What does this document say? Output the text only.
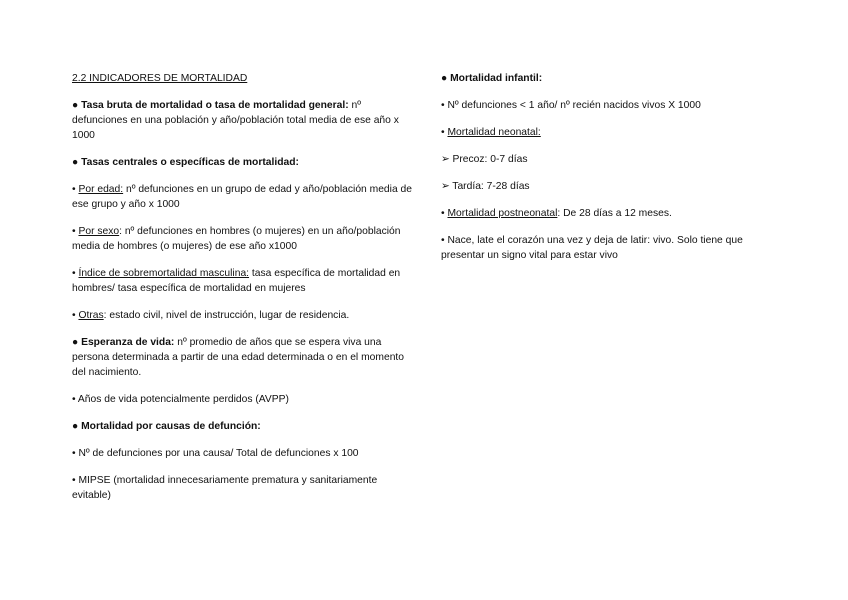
2.2 INDICADORES DE MORTALIDAD

● Tasa bruta de mortalidad o tasa de mortalidad general: nº defunciones en una población y año/población total media de ese año x 1000

● Tasas centrales o específicas de mortalidad:

• Por edad: nº defunciones en un grupo de edad y año/población media de ese grupo y año x 1000

• Por sexo: nº defunciones en hombres (o mujeres) en un año/población media de hombres (o mujeres) de ese año x1000

• Índice de sobremortalidad masculina: tasa específica de mortalidad en hombres/ tasa específica de mortalidad en mujeres

• Otras: estado civil, nivel de instrucción, lugar de residencia.

● Esperanza de vida: nº promedio de años que se espera viva una persona determinada a partir de una edad determinada o en el momento del nacimiento.

• Años de vida potencialmente perdidos (AVPP)

● Mortalidad por causas de defunción:

• Nº de defunciones por una causa/ Total de defunciones x 100

• MIPSE (mortalidad innecesariamente prematura y sanitariamente evitable)

● Mortalidad infantil:

• Nº defunciones < 1 año/ nº recién nacidos vivos X 1000

• Mortalidad neonatal:

➢ Precoz: 0-7 días

➢ Tardía: 7-28 días

• Mortalidad postneonatal: De 28 días a 12 meses.

• Nace, late el corazón una vez y deja de latir: vivo. Solo tiene que presentar un signo vital para estar vivo
